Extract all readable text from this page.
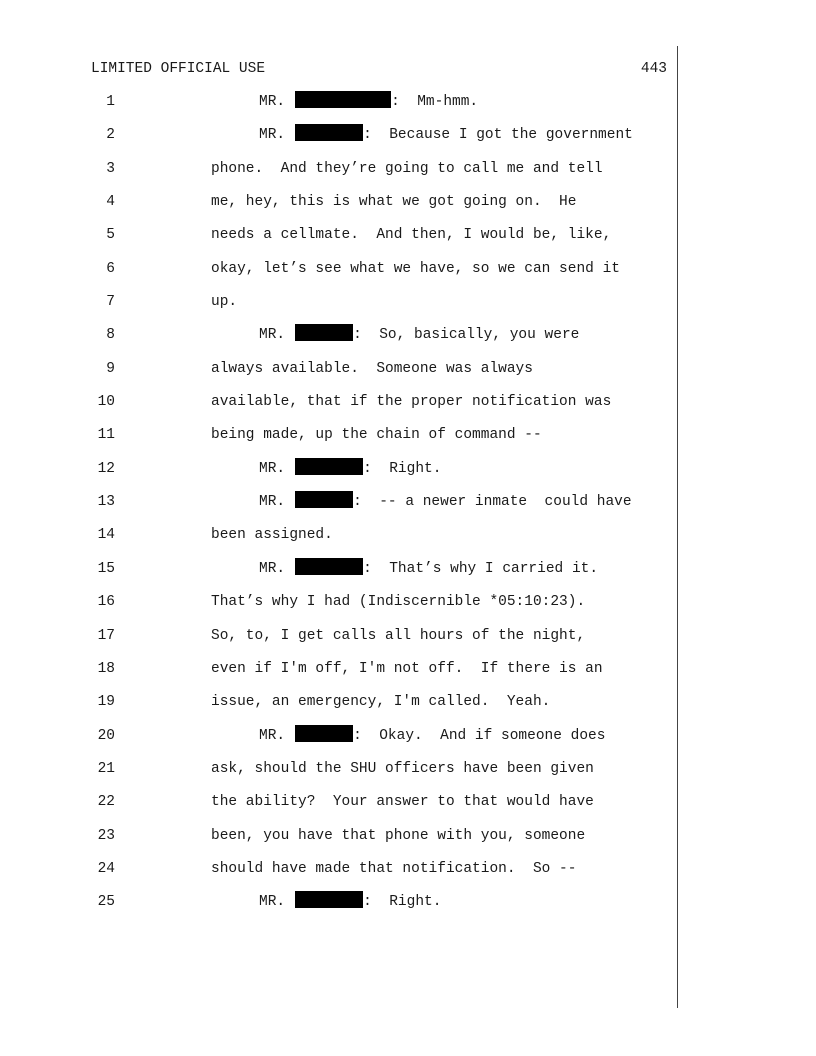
LIMITED OFFICIAL USE	443
1	MR.	:  Mm-hmm.
2	MR.	:  Because I got the government
3	phone.  And they’re going to call me and tell
4	me, hey, this is what we got going on.  He
5	needs a cellmate.  And then, I would be, like,
6	okay, let’s see what we have, so we can send it
7	up.
8	MR.	:  So, basically, you were
9	always available.  Someone was always
10	available, that if the proper notification was
11	being made, up the chain of command --
12	MR.	:  Right.
13	MR.	:  -- a newer inmate  could have
14	been assigned.
15	MR.	:  That’s why I carried it.
16	That’s why I had (Indiscernible *05:10:23).
17	So, to, I get calls all hours of the night,
18	even if I'm off, I'm not off.  If there is an
19	issue, an emergency, I'm called.  Yeah.
20	MR.	:  Okay.  And if someone does
21	ask, should the SHU officers have been given
22	the ability?  Your answer to that would have
23	been, you have that phone with you, someone
24	should have made that notification.  So --
25	MR.	:  Right.
